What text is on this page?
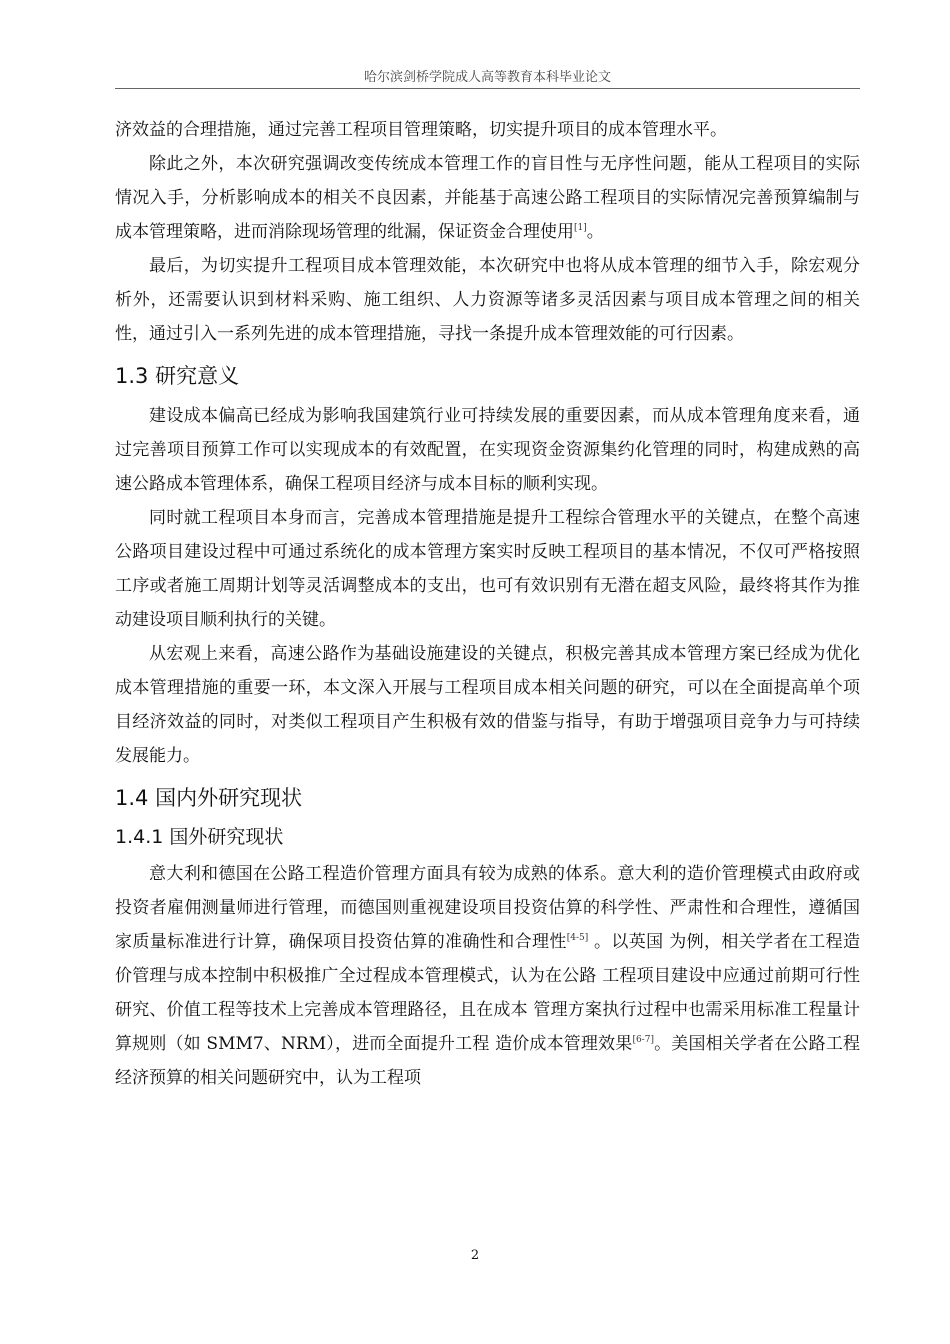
哈尔滨剑桥学院成人高等教育本科毕业论文

济效益的合理措施，通过完善工程项目管理策略，切实提升项目的成本管理水平。

除此之外，本次研究强调改变传统成本管理工作的盲目性与无序性问题，能从工程项目的实际情况入手，分析影响成本的相关不良因素，并能基于高速公路工程项目的实际情况完善预算编制与成本管理策略，进而消除现场管理的纰漏，保证资金合理使用[1]。

最后，为切实提升工程项目成本管理效能，本次研究中也将从成本管理的细节入手，除宏观分析外，还需要认识到材料采购、施工组织、人力资源等诸多灵活因素与项目成本管理之间的相关性，通过引入一系列先进的成本管理措施，寻找一条提升成本管理效能的可行因素。

1.3 研究意义

建设成本偏高已经成为影响我国建筑行业可持续发展的重要因素，而从成本管理角度来看，通过完善项目预算工作可以实现成本的有效配置，在实现资金资源集约化管理的同时，构建成熟的高速公路成本管理体系，确保工程项目经济与成本目标的顺利实现。

同时就工程项目本身而言，完善成本管理措施是提升工程综合管理水平的关键点，在整个高速公路项目建设过程中可通过系统化的成本管理方案实时反映工程项目的基本情况，不仅可严格按照工序或者施工周期计划等灵活调整成本的支出，也可有效识别有无潜在超支风险，最终将其作为推动建设项目顺利执行的关键。

从宏观上来看，高速公路作为基础设施建设的关键点，积极完善其成本管理方案已经成为优化成本管理措施的重要一环，本文深入开展与工程项目成本相关问题的研究，可以在全面提高单个项目经济效益的同时，对类似工程项目产生积极有效的借鉴与指导，有助于增强项目竞争力与可持续发展能力。

1.4 国内外研究现状
1.4.1 国外研究现状

意大利和德国在公路工程造价管理方面具有较为成熟的体系。意大利的造价管理模式由政府或投资者雇佣测量师进行管理，而德国则重视建设项目投资估算的科学性、严肃性和合理性，遵循国家质量标准进行计算，确保项目投资估算的准确性和合理性[4-5] 。以英国 为例，相关学者在工程造价管理与成本控制中积极推广全过程成本管理模式，认为在公路 工程项目建设中应通过前期可行性研究、价值工程等技术上完善成本管理路径，且在成本 管理方案执行过程中也需采用标准工程量计算规则（如 SMM7、NRM），进而全面提升工程 造价成本管理效果[6-7]。美国相关学者在公路工程经济预算的相关问题研究中，认为工程项

2
